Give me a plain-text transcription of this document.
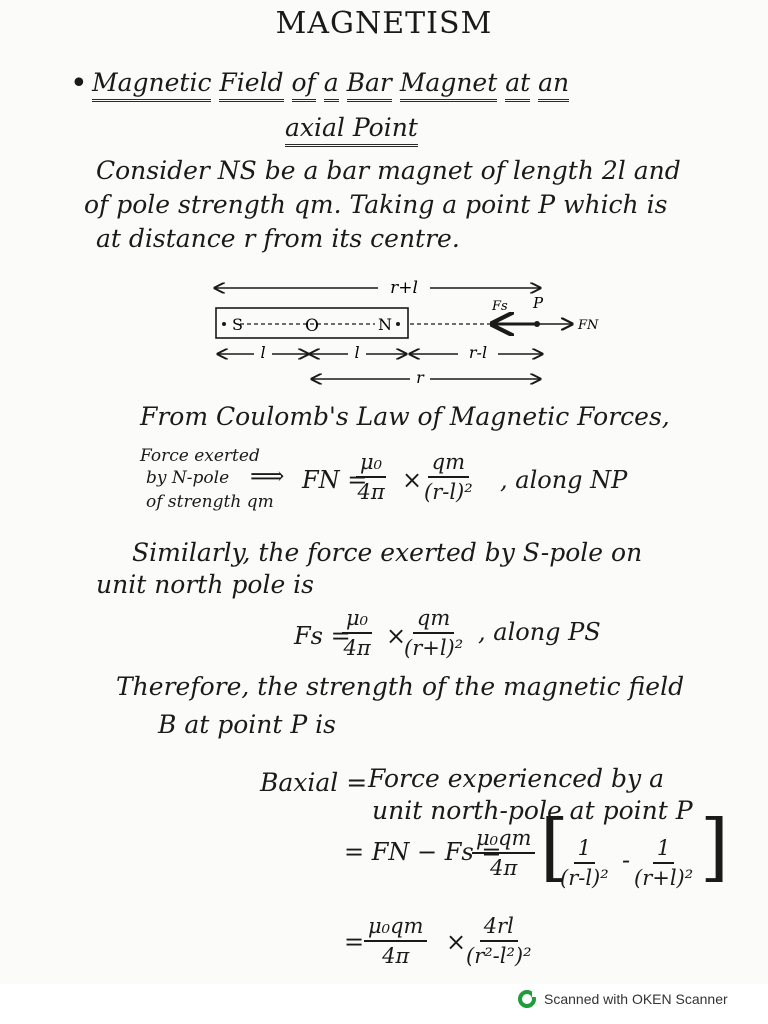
MAGNETISM
• Magnetic Field of a Bar Magnet at an
axial Point
Consider NS be a bar magnet of length 2l and
of pole strength qm. Taking a point P which is
at distance r from its centre.
r+l
S	O	N
Fs P
FN
l	l	r-l
r
From Coulomb's Law of Magnetic Forces,
Force exerted
by N-pole
of strength qm
⟹ FN =
$\frac{\text{μ₀}}{4\pi} \times \frac{qm}{\text{(r-l)²}}$ , along NP
Similarly, the force exerted by S-pole on
unit north pole is
Fs =
$\frac{\text{μ₀}}{4\pi}$ ×
$\frac{qm}{\text{(r+l)²}}$ , along PS
Therefore, the strength of the magnetic field
B at point P is
Baxial = Force experienced by a
unit north-pole at point P
= FN − Fs =
$\frac{\text{μ₀qm}}{4\pi}$ [
$\frac{1}{\text{(r-l)²}} - \frac{1}{\text{(r+l)²}}$ ]
= $\frac{\text{μ₀qm}}{4\pi} \times \frac{4rl}{\text{(r²-l²)²}}$
Scanned with OKEN Scanner
